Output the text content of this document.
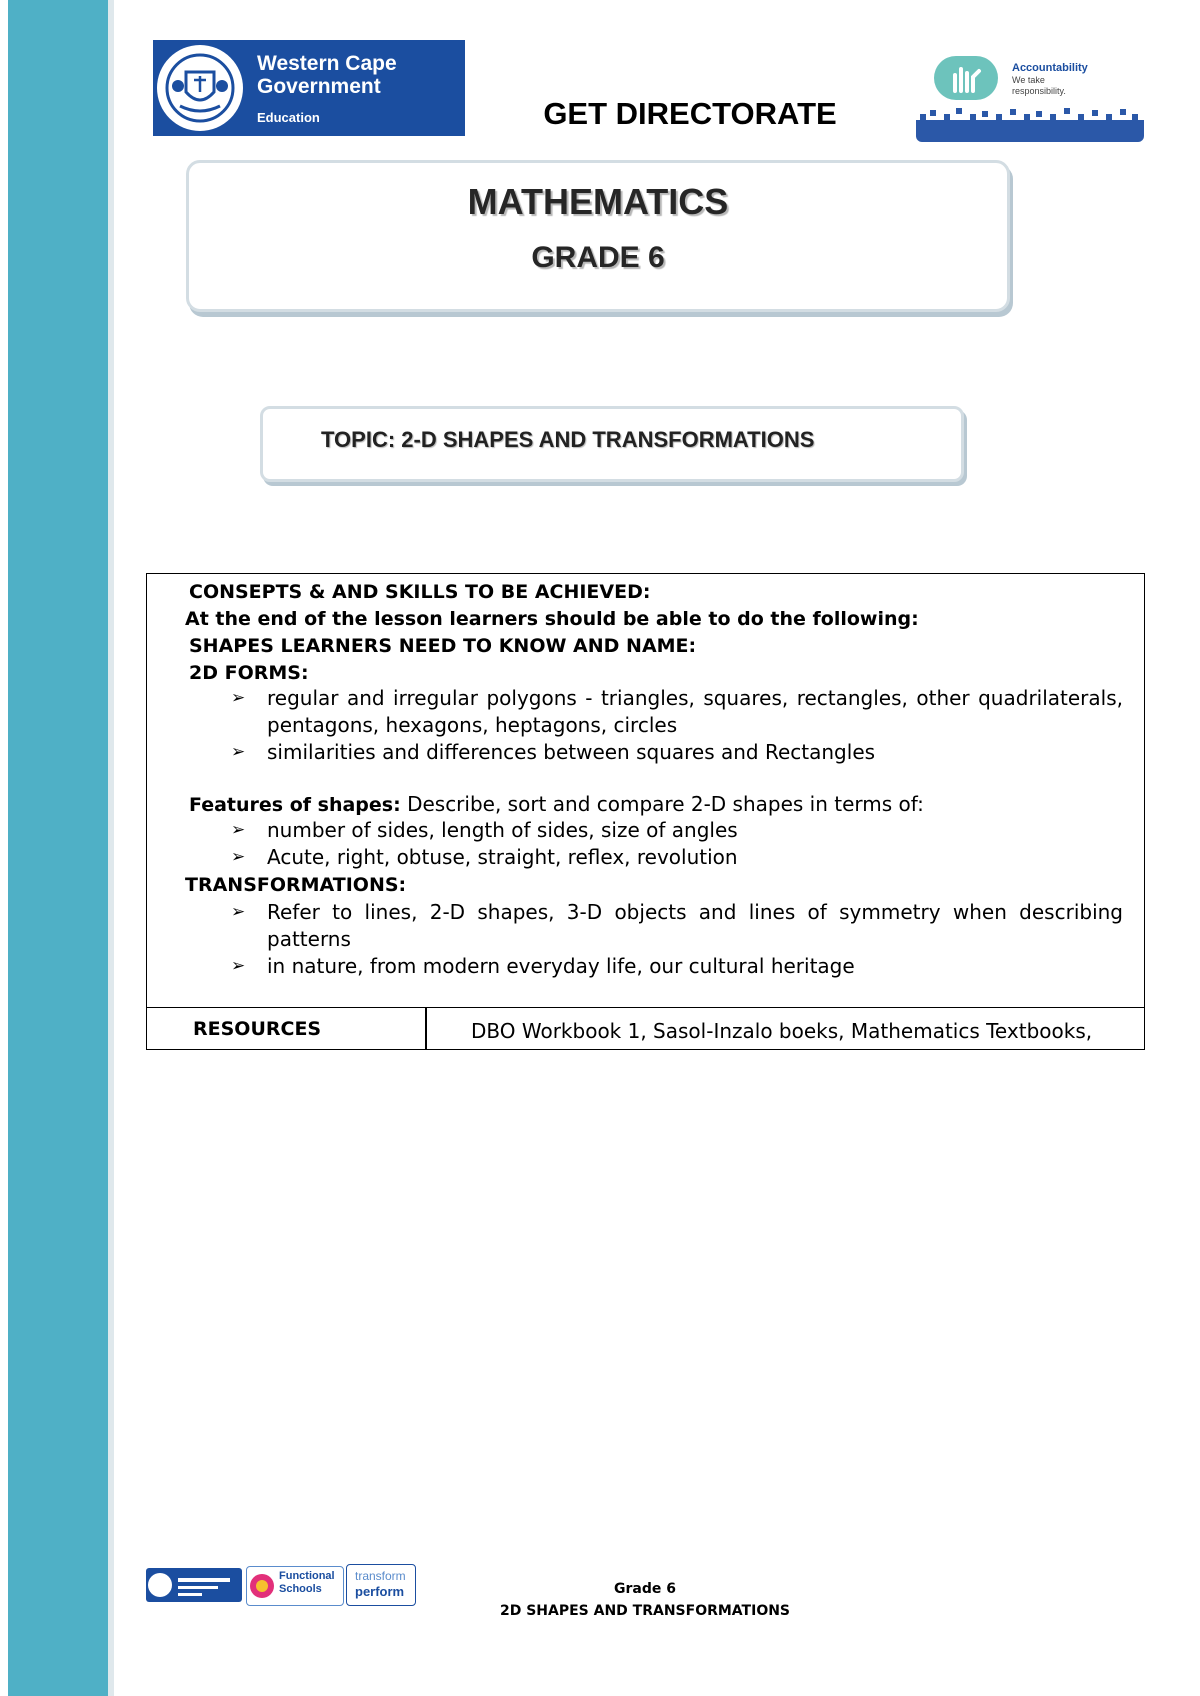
Western Cape
Government
Education	GET DIRECTORATE
Accountability
We take
responsibility.
MATHEMATICS
GRADE 6
TOPIC: 2-D SHAPES AND TRANSFORMATIONS
CONSEPTS & AND SKILLS TO BE ACHIEVED:
At the end of the lesson learners should be able to do the following:
SHAPES LEARNERS NEED TO KNOW AND NAME:
2D FORMS:
➢ regular and irregular polygons - triangles, squares, rectangles, other quadrilaterals, pentagons, hexagons, heptagons, circles
➢ similarities and differences between squares and Rectangles
Features of shapes: Describe, sort and compare 2-D shapes in terms of:
➢ number of sides, length of sides, size of angles
➢ Acute, right, obtuse, straight, reflex, revolution
TRANSFORMATIONS:
➢ Refer to lines, 2-D shapes, 3-D objects and lines of symmetry when describing patterns
➢ in nature, from modern everyday life, our cultural heritage
RESOURCES	DBO Workbook 1, Sasol-Inzalo boeks, Mathematics Textbooks,
Functional Schools
transform
perform	Grade 6
2D SHAPES AND TRANSFORMATIONS
